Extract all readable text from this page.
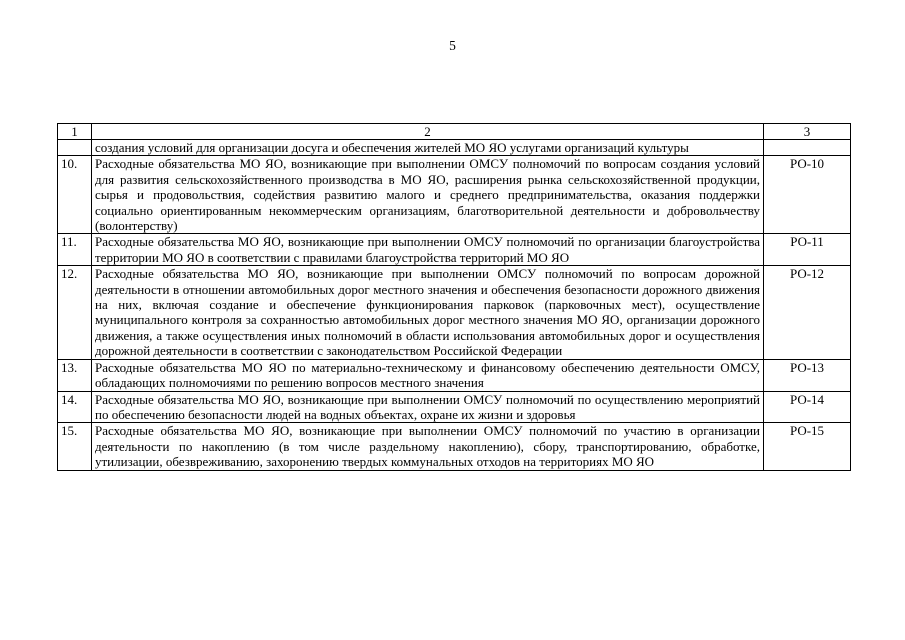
5
1	2	3
	создания условий для организации досуга и обеспечения жителей МО ЯО услугами организаций культуры	
10.	Расходные обязательства МО ЯО, возникающие при выполнении ОМСУ полномочий по вопросам создания условий для развития сельскохозяйственного производства в МО ЯО, расширения рынка сельскохозяйственной продукции, сырья и продовольствия, содействия развитию малого и среднего предпринимательства, оказания поддержки социально ориентированным некоммерческим организациям, благотворительной деятельности и добровольчеству (волонтерству)	РО-10
11.	Расходные обязательства МО ЯО, возникающие при выполнении ОМСУ полномочий по организации благоустройства территории МО ЯО в соответствии с правилами благоустройства территорий МО ЯО	РО-11
12.	Расходные обязательства МО ЯО, возникающие при выполнении ОМСУ полномочий по вопросам дорожной деятельности в отношении автомобильных дорог местного значения и обеспечения безопасности дорожного движения на них, включая создание и обеспечение функционирования парковок (парковочных мест), осуществление муниципального контроля за сохранностью автомобильных дорог местного значения МО ЯО, организации дорожного движения, а также осуществления иных полномочий в области использования автомобильных дорог и осуществления дорожной деятельности в соответствии с законодательством Российской Федерации	РО-12
13.	Расходные обязательства МО ЯО по материально-техническому и финансовому обеспечению деятельности ОМСУ, обладающих полномочиями по решению вопросов местного значения	РО-13
14.	Расходные обязательства МО ЯО, возникающие при выполнении ОМСУ полномочий по осуществлению мероприятий по обеспечению безопасности людей на водных объектах, охране их жизни и здоровья	РО-14
15.	Расходные обязательства МО ЯО, возникающие при выполнении ОМСУ полномочий по участию в организации деятельности по накоплению (в том числе раздельному накоплению), сбору, транспортированию, обработке, утилизации, обезвреживанию, захоронению твердых коммунальных отходов на территориях МО ЯО	РО-15
